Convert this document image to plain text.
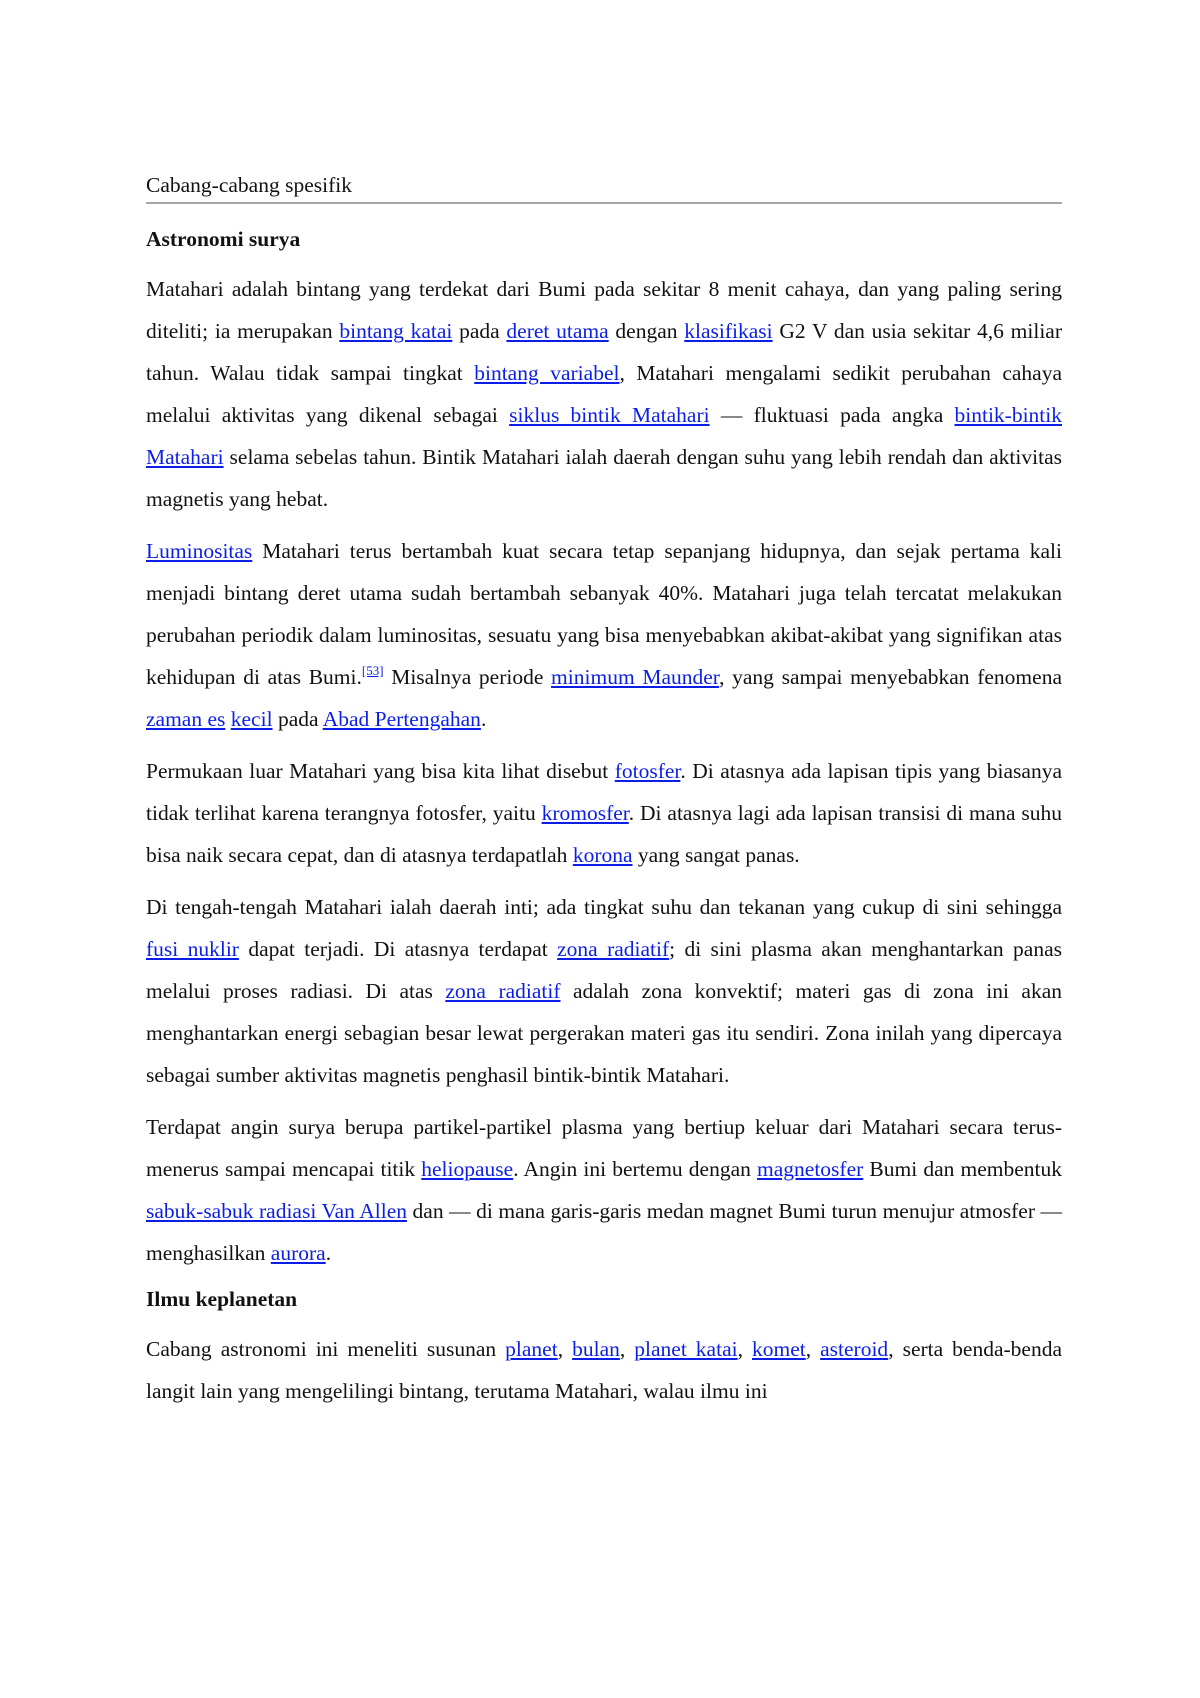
Cabang-cabang spesifik
Astronomi surya

Matahari adalah bintang yang terdekat dari Bumi pada sekitar 8 menit cahaya, dan yang paling sering diteliti; ia merupakan bintang katai pada deret utama dengan klasifikasi G2 V dan usia sekitar 4,6 miliar tahun. Walau tidak sampai tingkat bintang variabel, Matahari mengalami sedikit perubahan cahaya melalui aktivitas yang dikenal sebagai siklus bintik Matahari — fluktuasi pada angka bintik-bintik Matahari selama sebelas tahun. Bintik Matahari ialah daerah dengan suhu yang lebih rendah dan aktivitas magnetis yang hebat.

Luminositas Matahari terus bertambah kuat secara tetap sepanjang hidupnya, dan sejak pertama kali menjadi bintang deret utama sudah bertambah sebanyak 40%. Matahari juga telah tercatat melakukan perubahan periodik dalam luminositas, sesuatu yang bisa menyebabkan akibat-akibat yang signifikan atas kehidupan di atas Bumi.[53] Misalnya periode minimum Maunder, yang sampai menyebabkan fenomena zaman es kecil pada Abad Pertengahan.

Permukaan luar Matahari yang bisa kita lihat disebut fotosfer. Di atasnya ada lapisan tipis yang biasanya tidak terlihat karena terangnya fotosfer, yaitu kromosfer. Di atasnya lagi ada lapisan transisi di mana suhu bisa naik secara cepat, dan di atasnya terdapatlah korona yang sangat panas.

Di tengah-tengah Matahari ialah daerah inti; ada tingkat suhu dan tekanan yang cukup di sini sehingga fusi nuklir dapat terjadi. Di atasnya terdapat zona radiatif; di sini plasma akan menghantarkan panas melalui proses radiasi. Di atas zona radiatif adalah zona konvektif; materi gas di zona ini akan menghantarkan energi sebagian besar lewat pergerakan materi gas itu sendiri. Zona inilah yang dipercaya sebagai sumber aktivitas magnetis penghasil bintik-bintik Matahari.

Terdapat angin surya berupa partikel-partikel plasma yang bertiup keluar dari Matahari secara terus-menerus sampai mencapai titik heliopause. Angin ini bertemu dengan magnetosfer Bumi dan membentuk sabuk-sabuk radiasi Van Allen dan — di mana garis-garis medan magnet Bumi turun menujur atmosfer — menghasilkan aurora.

Ilmu keplanetan

Cabang astronomi ini meneliti susunan planet, bulan, planet katai, komet, asteroid, serta benda-benda langit lain yang mengelilingi bintang, terutama Matahari, walau ilmu ini
